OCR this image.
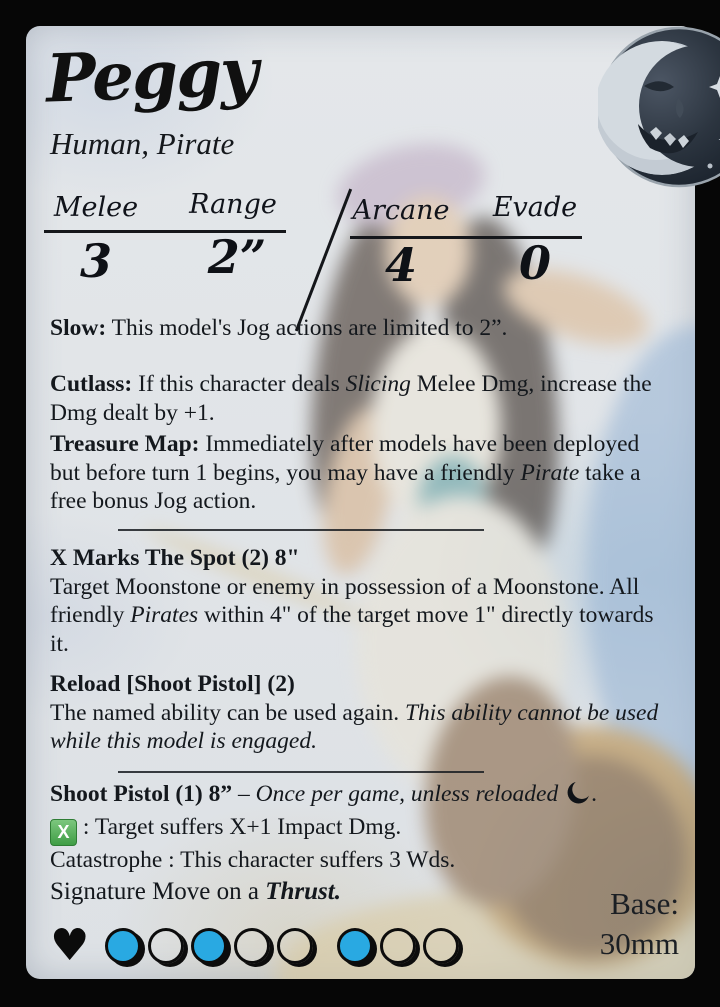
Peggy
Human, Pirate
Melee	Range	Arcane	Evade
3	2”	4	0

Slow: This model's Jog actions are limited to 2”.

Cutlass: If this character deals Slicing Melee Dmg, increase the Dmg dealt by +1.

Treasure Map: Immediately after models have been deployed but before turn 1 begins, you may have a friendly Pirate take a free bonus Jog action.

X Marks The Spot (2) 8"
Target Moonstone or enemy in possession of a Moonstone. All friendly Pirates within 4" of the target move 1" directly towards it.

Reload [Shoot Pistol] (2)
The named ability can be used again. This ability cannot be used while this model is engaged.

Shoot Pistol (1) 8” – Once per game, unless reloaded .
X : Target suffers X+1 Impact Dmg.
Catastrophe : This character suffers 3 Wds.

Signature Move on a Thrust.

♥
Base:
30mm
